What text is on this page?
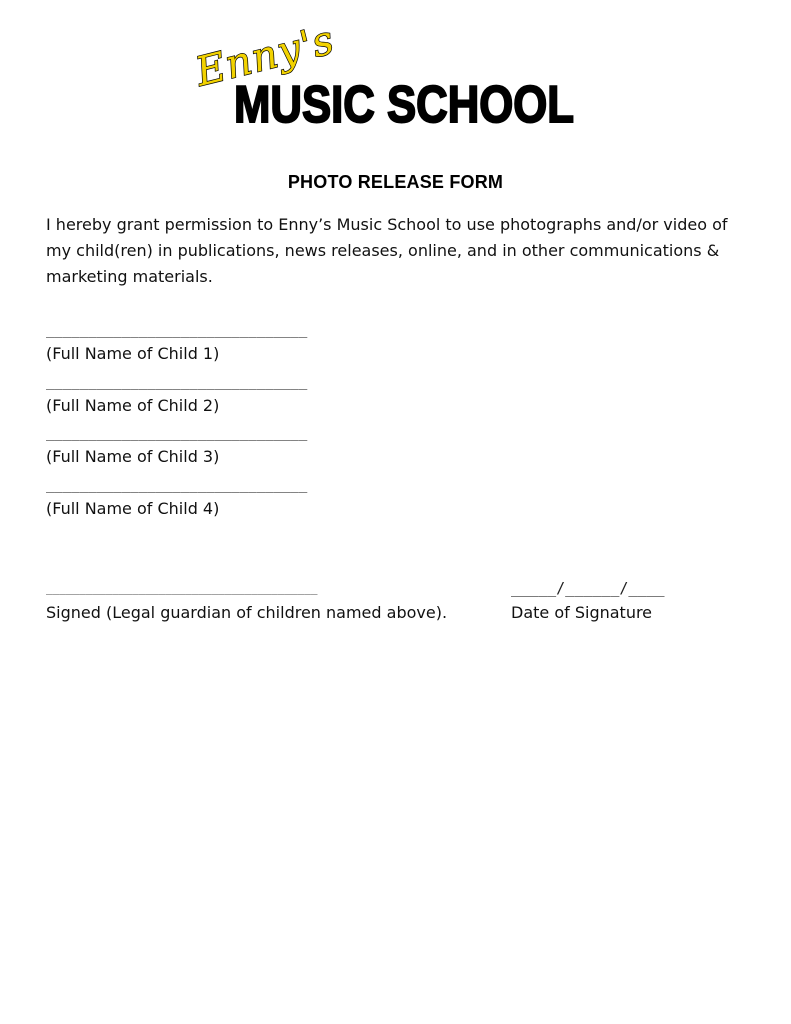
Enny's
MUSIC SCHOOL
PHOTO RELEASE FORM

I hereby grant permission to Enny’s Music School to use photographs and/or video of my child(ren) in publications, news releases, online, and in other communications & marketing materials.

_______________________________
(Full Name of Child 1)
_______________________________
(Full Name of Child 2)
_______________________________
(Full Name of Child 3)
_______________________________
(Full Name of Child 4)
_________________________________________
Signed (Legal guardian of children named above).
_____/______/____
Date of Signature
